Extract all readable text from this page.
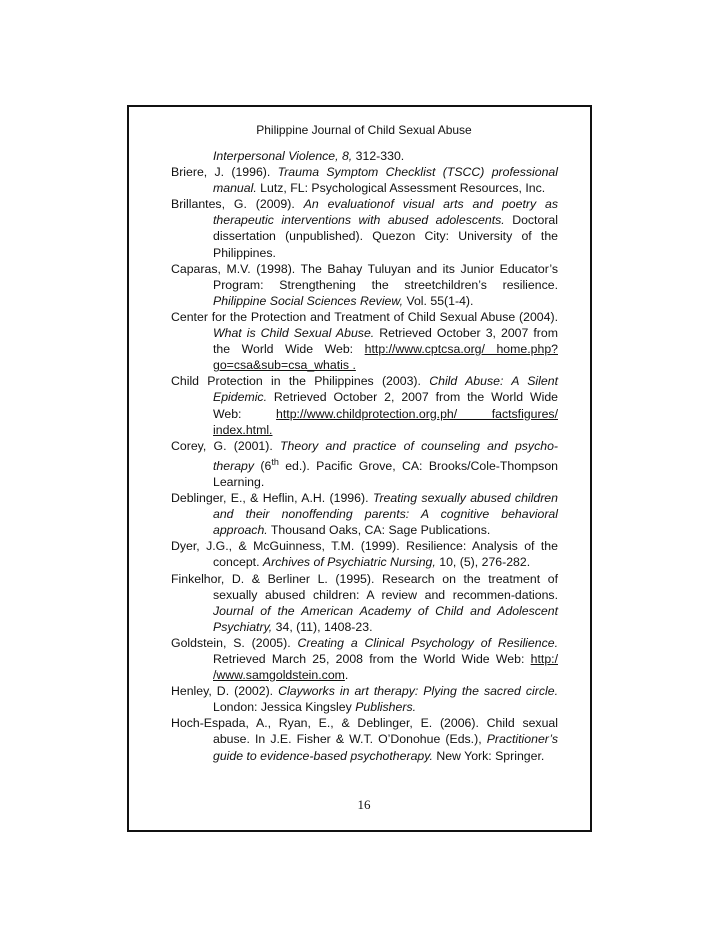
Philippine Journal of Child Sexual Abuse
Interpersonal Violence, 8, 312-330.
Briere, J. (1996). Trauma Symptom Checklist (TSCC) professional manual. Lutz, FL: Psychological Assessment Resources, Inc.
Brillantes, G. (2009). An evaluationof visual arts and poetry as therapeutic interventions with abused adolescents. Doctoral dissertation (unpublished). Quezon City: University of the Philippines.
Caparas, M.V. (1998). The Bahay Tuluyan and its Junior Educator’s Program: Strengthening the streetchildren’s resilience. Philippine Social Sciences Review, Vol. 55(1-4).
Center for the Protection and Treatment of Child Sexual Abuse (2004). What is Child Sexual Abuse. Retrieved October 3, 2007 from the World Wide Web: http://www.cptcsa.org/ home.php?go=csa&sub=csa_whatis .
Child Protection in the Philippines (2003). Child Abuse: A Silent Epidemic. Retrieved October 2, 2007 from the World Wide Web: http://www.childprotection.org.ph/ factsfigures/ index.html.
Corey, G. (2001). Theory and practice of counseling and psycho-therapy (6th ed.). Pacific Grove, CA: Brooks/Cole-Thompson Learning.
Deblinger, E., & Heflin, A.H. (1996). Treating sexually abused children and their nonoffending parents: A cognitive behavioral approach. Thousand Oaks, CA: Sage Publications.
Dyer, J.G., & McGuinness, T.M. (1999). Resilience: Analysis of the concept. Archives of Psychiatric Nursing, 10, (5), 276-282.
Finkelhor, D. & Berliner L. (1995). Research on the treatment of sexually abused children: A review and recommen-dations. Journal of the American Academy of Child and Adolescent Psychiatry, 34, (11), 1408-23.
Goldstein, S. (2005). Creating a Clinical Psychology of Resilience. Retrieved March 25, 2008 from the World Wide Web: http:/ /www.samgoldstein.com.
Henley, D. (2002). Clayworks in art therapy: Plying the sacred circle. London: Jessica Kingsley Publishers.
Hoch-Espada, A., Ryan, E., & Deblinger, E. (2006). Child sexual abuse. In J.E. Fisher & W.T. O’Donohue (Eds.), Practitioner’s guide to evidence-based psychotherapy. New York: Springer.
16
